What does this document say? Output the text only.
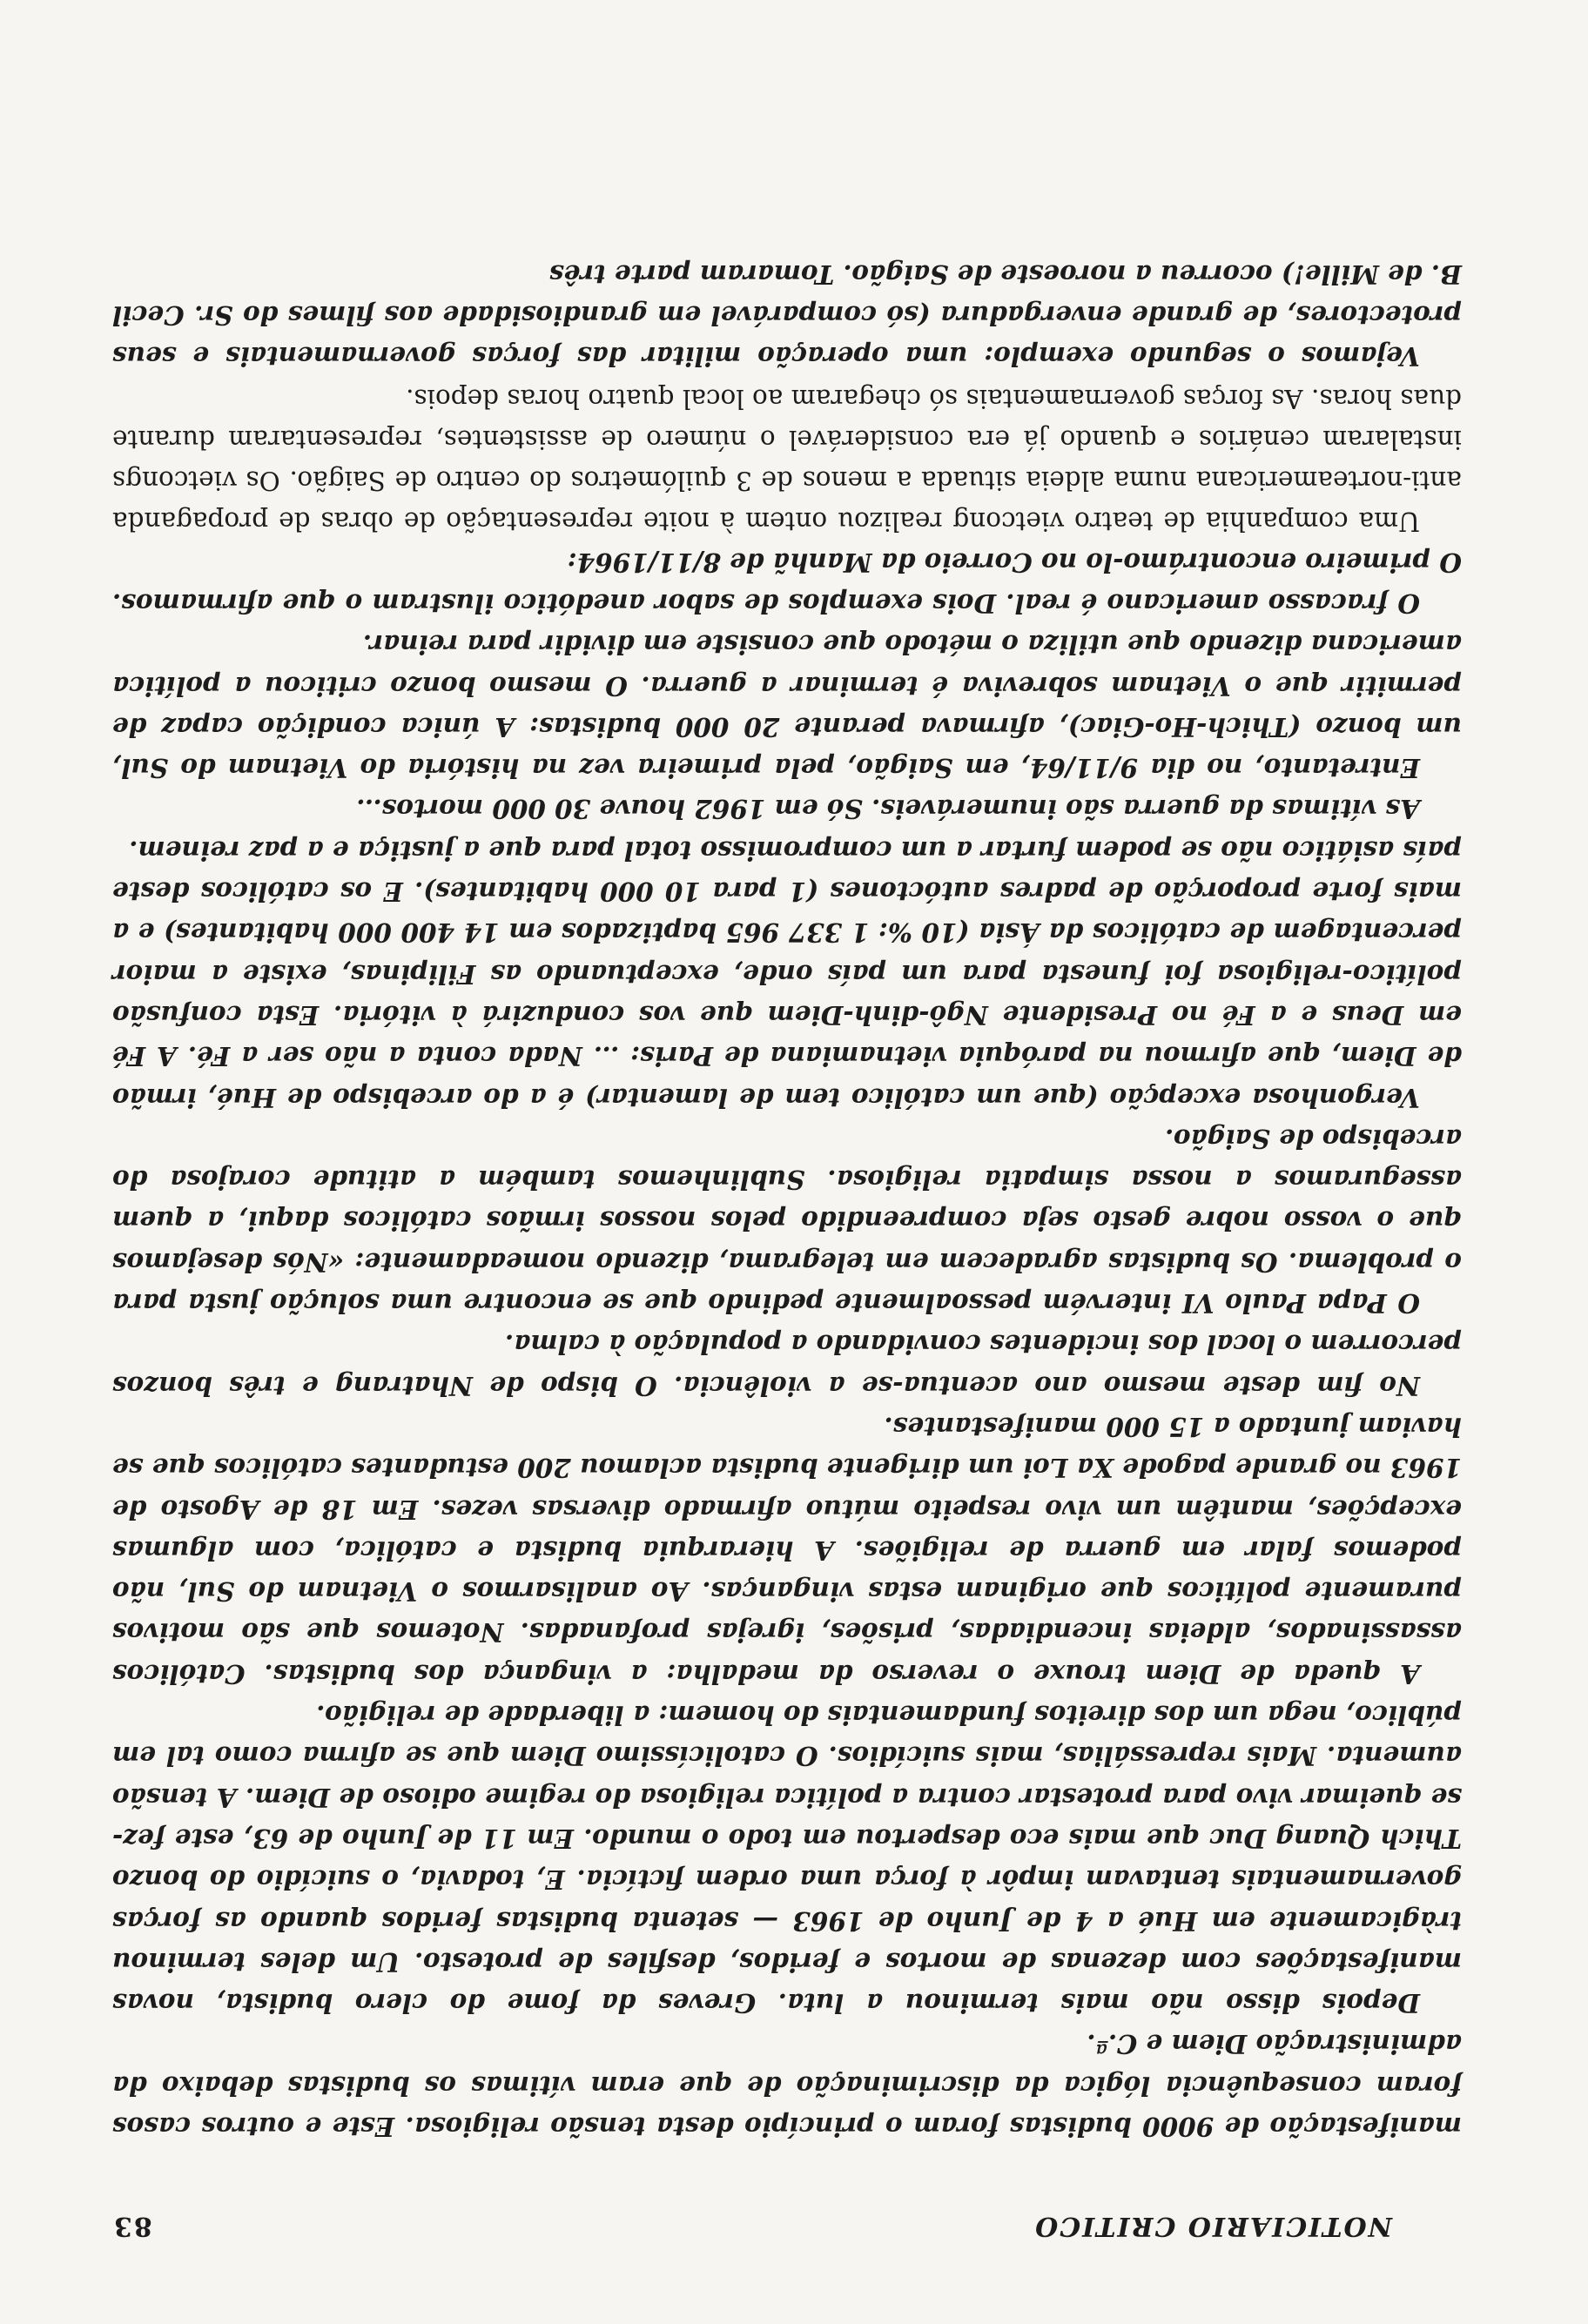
NOTICIARIO CRITICO
83

manifestação de 9000 budistas foram o princípio desta tensão religiosa. Este e outros casos foram consequência lógica da discriminação de que eram vítimas os budistas debaixo da administração Diem e C.ª.

Depois disso não mais terminou a luta. Greves da fome do clero budista, novas manifestações com dezenas de mortos e feridos, desfiles de protesto. Um deles terminou tràgicamente em Hué a 4 de Junho de 1963 — setenta budistas feridos quando as forças governamentais tentavam impôr à força uma ordem fictícia. E, todavia, o suicídio do bonzo Thich Quang Duc que mais eco despertou em todo o mundo. Em 11 de Junho de 63, este fez-se queimar vivo para protestar contra a política religiosa do regime odioso de Diem. A tensão aumenta. Mais repressálias, mais suicídios. O catolicíssimo Diem que se afirma como tal em público, nega um dos direitos fundamentais do homem: a liberdade de religião.

A queda de Diem trouxe o reverso da medalha: a vingança dos budistas. Católicos assassinados, aldeias incendiadas, prisões, igrejas profanadas. Notemos que são motivos puramente políticos que originam estas vinganças. Ao analisarmos o Vietnam do Sul, não podemos falar em guerra de religiões. A hierarquia budista e católica, com algumas excepções, mantêm um vivo respeito mútuo afirmado diversas vezes. Em 18 de Agosto de 1963 no grande pagode Xa Loi um dirigente budista aclamou 200 estudantes católicos que se haviam juntado a 15 000 manifestantes.

No fim deste mesmo ano acentua-se a violência. O bispo de Nhatrang e três bonzos percorrem o local dos incidentes convidando a população à calma.

O Papa Paulo VI intervém pessoalmente pedindo que se encontre uma solução justa para o problema. Os budistas agradecem em telegrama, dizendo nomeadamente: «Nós desejamos que o vosso nobre gesto seja compreendido pelos nossos irmãos católicos daqui, a quem asseguramos a nossa simpatia religiosa. Sublinhemos também a atitude corajosa do arcebispo de Saigão.

Vergonhosa excepção (que um católico tem de lamentar) é a do arcebispo de Hué, irmão de Diem, que afirmou na paróquia vietnamiana de Paris: … Nada conta a não ser a Fé. A Fé em Deus e a Fé no Presidente Ngô-dinh-Diem que vos conduzirá à vitória. Esta confusão político-religiosa foi funesta para um país onde, exceptuando as Filipinas, existe a maior percentagem de católicos da Ásia (10 %: 1 337 965 baptizados em 14 400 000 habitantes) e a mais forte proporção de padres autóctones (1 para 10 000 habitantes). E os católicos deste país asiático não se podem furtar a um compromisso total para que a justiça e a paz reinem.

As vítimas da guerra são inumeráveis. Só em 1962 houve 30 000 mortos…

Entretanto, no dia 9/11/64, em Saigão, pela primeira vez na história do Vietnam do Sul, um bonzo (Thich-Ho-Giac), afirmava perante 20 000 budistas: A única condição capaz de permitir que o Vietnam sobreviva é terminar a guerra. O mesmo bonzo criticou a política americana dizendo que utiliza o método que consiste em dividir para reinar.

O fracasso americano é real. Dois exemplos de sabor anedótico ilustram o que afirmamos. O primeiro encontrámo-lo no Correio da Manhã de 8/11/1964:

Uma companhia de teatro vietcong realizou ontem à noite representação de obras de propaganda anti-norteamericana numa aldeia situada a menos de 3 quilómetros do centro de Saigão. Os vietcongs instalaram cenários e quando já era considerável o número de assistentes, representaram durante duas horas. As forças governamentais só chegaram ao local quatro horas depois.

Vejamos o segundo exemplo: uma operação militar das forças governamentais e seus protectores, de grande envergadura (só comparável em grandiosidade aos filmes do Sr. Cecil B. de Mille!) ocorreu a noroeste de Saigão. Tomaram parte três
